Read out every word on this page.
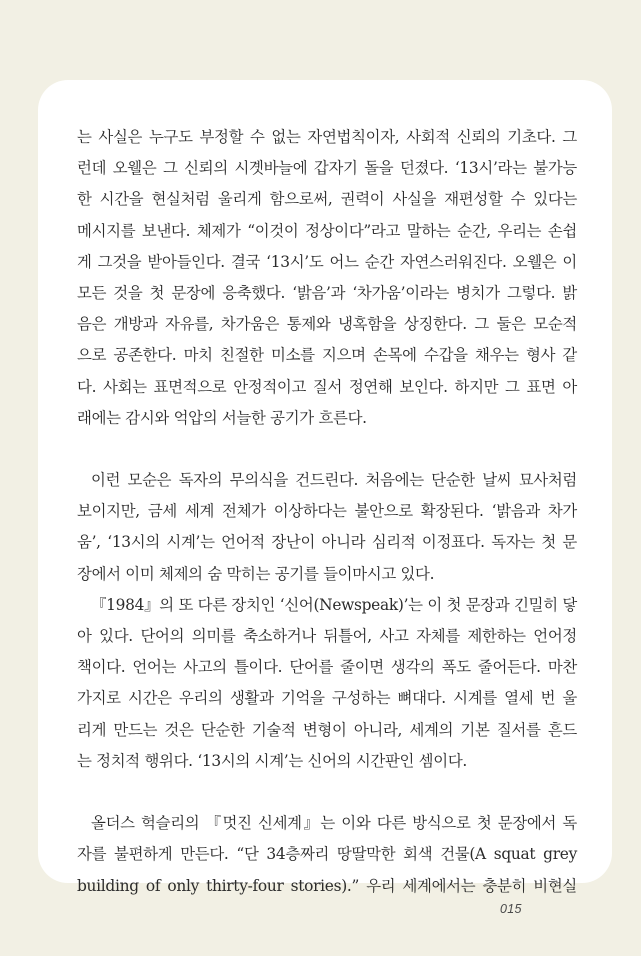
는 사실은 누구도 부정할 수 없는 자연법칙이자, 사회적 신뢰의 기초다. 그
런데 오웰은 그 신뢰의 시곗바늘에 갑자기 돌을 던졌다. ‘13시’라는 불가능
한 시간을 현실처럼 울리게 함으로써, 권력이 사실을 재편성할 수 있다는
메시지를 보낸다. 체제가 “이것이 정상이다”라고 말하는 순간, 우리는 손쉽
게 그것을 받아들인다. 결국 ‘13시’도 어느 순간 자연스러워진다. 오웰은 이
모든 것을 첫 문장에 응축했다. ‘밝음’과 ‘차가움’이라는 병치가 그렇다. 밝
음은 개방과 자유를, 차가움은 통제와 냉혹함을 상징한다. 그 둘은 모순적
으로 공존한다. 마치 친절한 미소를 지으며 손목에 수갑을 채우는 형사 같
다. 사회는 표면적으로 안정적이고 질서 정연해 보인다. 하지만 그 표면 아
래에는 감시와 억압의 서늘한 공기가 흐른다.
이런 모순은 독자의 무의식을 건드린다. 처음에는 단순한 날씨 묘사처럼
보이지만, 금세 세계 전체가 이상하다는 불안으로 확장된다. ‘밝음과 차가
움’, ‘13시의 시계’는 언어적 장난이 아니라 심리적 이정표다. 독자는 첫 문
장에서 이미 체제의 숨 막히는 공기를 들이마시고 있다.
『1984』의 또 다른 장치인 ‘신어(Newspeak)’는 이 첫 문장과 긴밀히 닿
아 있다. 단어의 의미를 축소하거나 뒤틀어, 사고 자체를 제한하는 언어정
책이다. 언어는 사고의 틀이다. 단어를 줄이면 생각의 폭도 줄어든다. 마찬
가지로 시간은 우리의 생활과 기억을 구성하는 뼈대다. 시계를 열세 번 울
리게 만드는 것은 단순한 기술적 변형이 아니라, 세계의 기본 질서를 흔드
는 정치적 행위다. ‘13시의 시계’는 신어의 시간판인 셈이다.
올더스 헉슬리의 『멋진 신세계』는 이와 다른 방식으로 첫 문장에서 독
자를 불편하게 만든다. “단 34층짜리 땅딸막한 회색 건물(A squat grey
building of only thirty-four stories).” 우리 세계에서는 충분히 비현실
015
